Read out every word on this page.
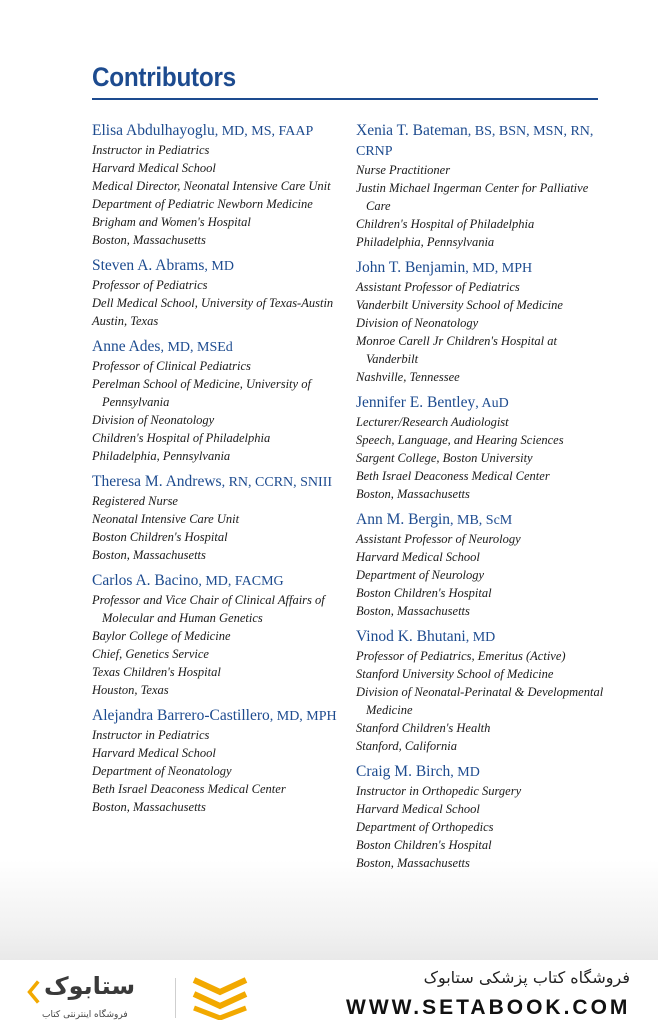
Contributors
Elisa Abdulhayoglu, MD, MS, FAAP
Instructor in Pediatrics
Harvard Medical School
Medical Director, Neonatal Intensive Care Unit
Department of Pediatric Newborn Medicine
Brigham and Women's Hospital
Boston, Massachusetts
Steven A. Abrams, MD
Professor of Pediatrics
Dell Medical School, University of Texas-Austin
Austin, Texas
Anne Ades, MD, MSEd
Professor of Clinical Pediatrics
Perelman School of Medicine, University of Pennsylvania
Division of Neonatology
Children's Hospital of Philadelphia
Philadelphia, Pennsylvania
Theresa M. Andrews, RN, CCRN, SNIII
Registered Nurse
Neonatal Intensive Care Unit
Boston Children's Hospital
Boston, Massachusetts
Carlos A. Bacino, MD, FACMG
Professor and Vice Chair of Clinical Affairs of Molecular and Human Genetics
Baylor College of Medicine
Chief, Genetics Service
Texas Children's Hospital
Houston, Texas
Alejandra Barrero-Castillero, MD, MPH
Instructor in Pediatrics
Harvard Medical School
Department of Neonatology
Beth Israel Deaconess Medical Center
Boston, Massachusetts
Xenia T. Bateman, BS, BSN, MSN, RN, CRNP
Nurse Practitioner
Justin Michael Ingerman Center for Palliative Care
Children's Hospital of Philadelphia
Philadelphia, Pennsylvania
John T. Benjamin, MD, MPH
Assistant Professor of Pediatrics
Vanderbilt University School of Medicine
Division of Neonatology
Monroe Carell Jr Children's Hospital at Vanderbilt
Nashville, Tennessee
Jennifer E. Bentley, AuD
Lecturer/Research Audiologist
Speech, Language, and Hearing Sciences
Sargent College, Boston University
Beth Israel Deaconess Medical Center
Boston, Massachusetts
Ann M. Bergin, MB, ScM
Assistant Professor of Neurology
Harvard Medical School
Department of Neurology
Boston Children's Hospital
Boston, Massachusetts
Vinod K. Bhutani, MD
Professor of Pediatrics, Emeritus (Active)
Stanford University School of Medicine
Division of Neonatal-Perinatal & Developmental Medicine
Stanford Children's Health
Stanford, California
Craig M. Birch, MD
Instructor in Orthopedic Surgery
Harvard Medical School
Department of Orthopedics
Boston Children's Hospital
Boston, Massachusetts
ستابوک
فروشگاه اینترنتی کتاب
فروشگاه کتاب پزشکی ستابوک
WWW.SETABOOK.COM
